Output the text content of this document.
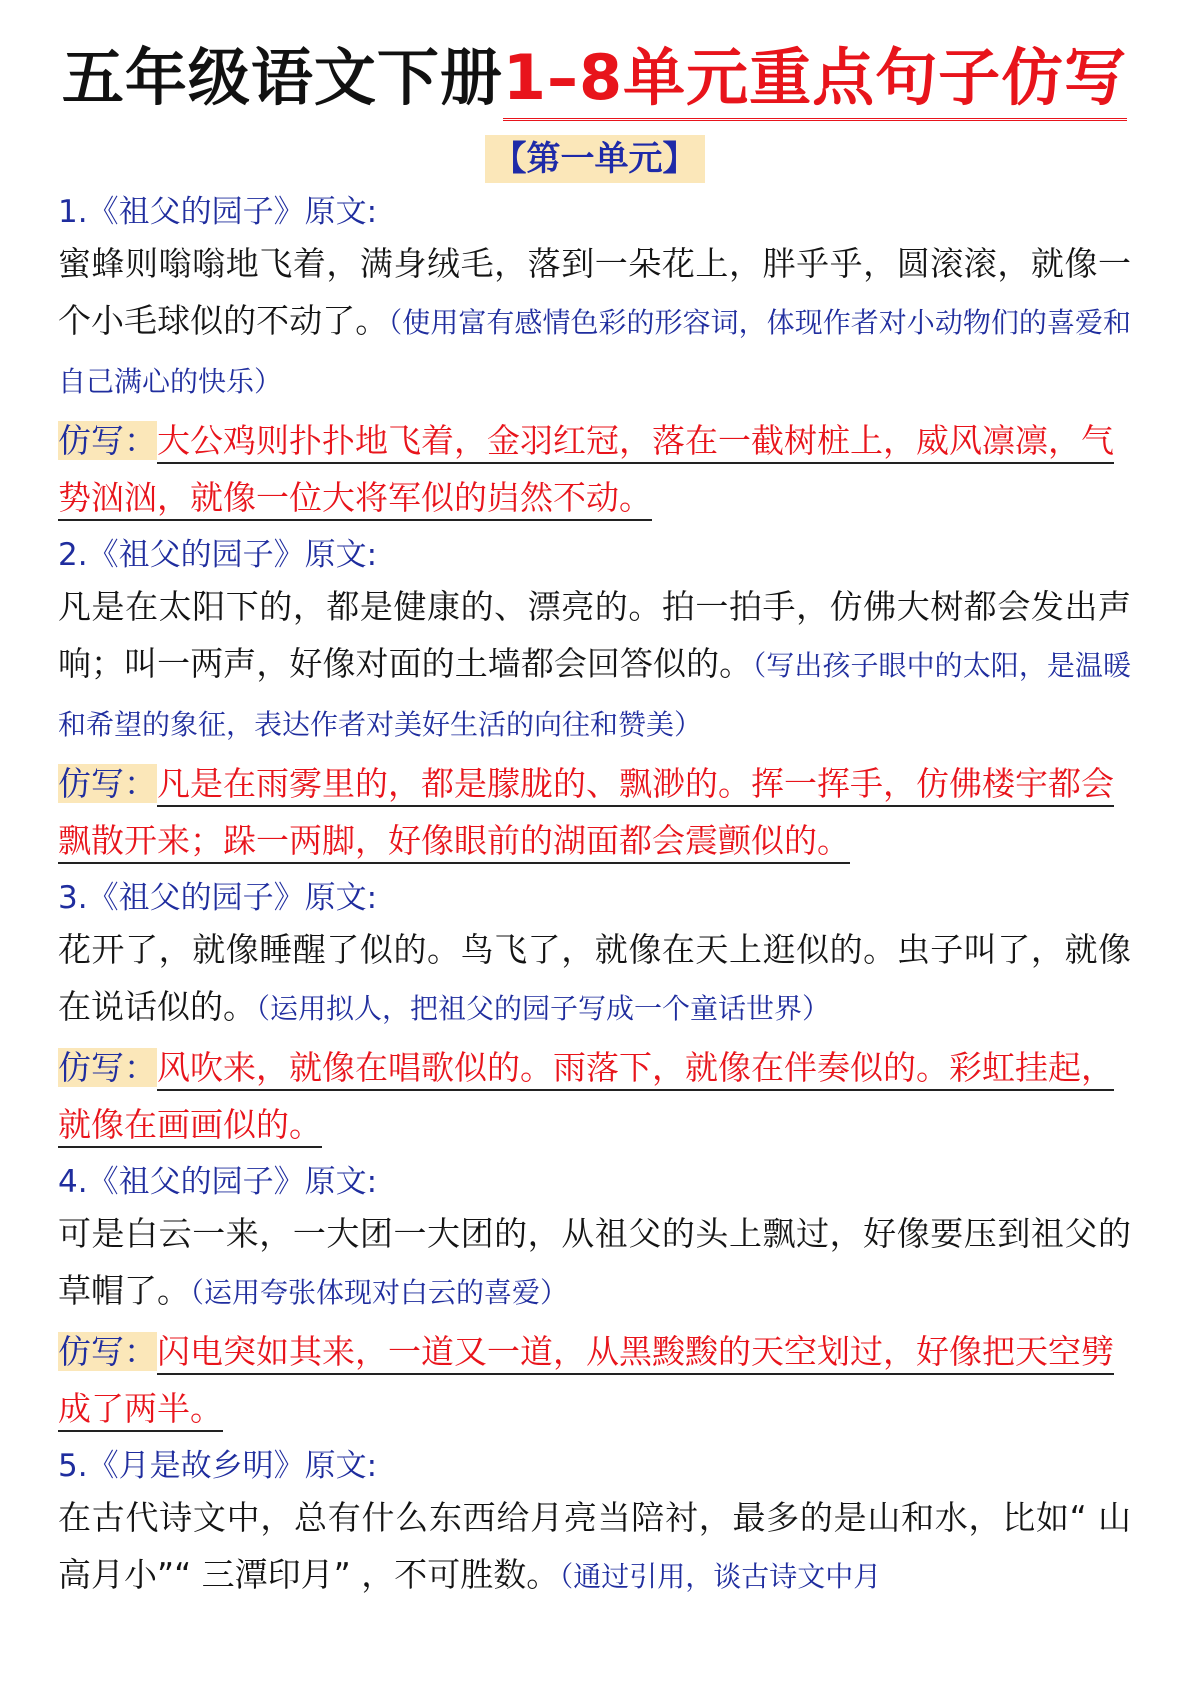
五年级语文下册1–8单元重点句子仿写
【第一单元】
1.《祖父的园子》原文:
蜜蜂则嗡嗡地飞着，满身绒毛，落到一朵花上，胖乎乎，圆滚滚，就像一个小毛球似的不动了。（使用富有感情色彩的形容词，体现作者对小动物们的喜爱和自己满心的快乐）
仿写：大公鸡则扑扑地飞着，金羽红冠，落在一截树桩上，威风凛凛，气势汹汹，就像一位大将军似的岿然不动。
2.《祖父的园子》原文:
凡是在太阳下的，都是健康的、漂亮的。拍一拍手，仿佛大树都会发出声响；叫一两声，好像对面的土墙都会回答似的。（写出孩子眼中的太阳，是温暖和希望的象征，表达作者对美好生活的向往和赞美）
仿写：凡是在雨雾里的，都是朦胧的、飘渺的。挥一挥手，仿佛楼宇都会飘散开来；跺一两脚，好像眼前的湖面都会震颤似的。
3.《祖父的园子》原文:
花开了，就像睡醒了似的。鸟飞了，就像在天上逛似的。虫子叫了，就像在说话似的。（运用拟人，把祖父的园子写成一个童话世界）
仿写：风吹来，就像在唱歌似的。雨落下，就像在伴奏似的。彩虹挂起，就像在画画似的。
4.《祖父的园子》原文:
可是白云一来，一大团一大团的，从祖父的头上飘过，好像要压到祖父的草帽了。（运用夸张体现对白云的喜爱）
仿写：闪电突如其来，一道又一道，从黑黢黢的天空划过，好像把天空劈成了两半。
5.《月是故乡明》原文:
在古代诗文中，总有什么东西给月亮当陪衬，最多的是山和水，比如“ 山高月小”“ 三潭印月” ，不可胜数。（通过引用，谈古诗文中月
